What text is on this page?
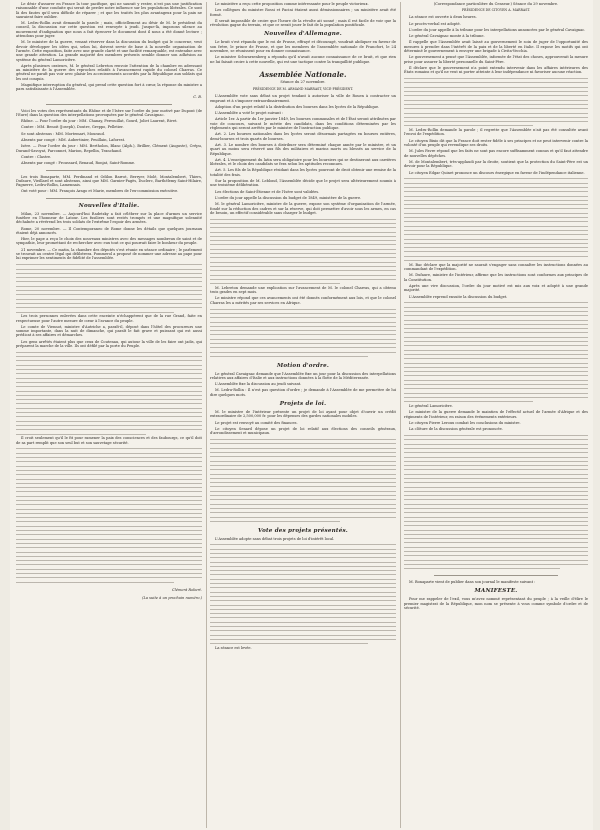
Le désir d'assurer en France la tour pacifique, qui ne saurait y rester, n'est pas une justification raisonnable d'une conduite qui serait de perdre notre influence sur les populations libérales. Ce sont là des fautes qu'il sera difficile de réparer ; et que les traités les plus avantageux pour la paix ne sauraient faire oublier.

M. Ledru-Rollin avait demandé la parole ; mais, officiellement au désir de M. le président du conseil, la discussion sur cette question est renvoyée à jeudi. Jusque-là, imposons silence au mouvement d'indignation que nous a fait éprouver le document dont il nous a été donné lecture ; attendons pour juger.

M. le ministre de la guerre, venant réserver dans la discussion du budget qui le concerne, veut devoir développer les idées qui, selon lui, doivent servir de base à la nouvelle organisation de l'armée. Cette exposition, faite avec une grande clarté et une facilité remarquable, est entendue avec une grande attention. La grande majorité des membres présents semble donner son adhésion au système du général Lamoricière.

Après plusieurs orateurs, M. le général Lebreton renvoie l'attention de la chambre en adressant au ministère de la guerre des reproches relatifs à l'avancement rapide du colonel Charras. Ce général ne paraît pas voir avec plaisir les accroissements accordés par la République aux soldats qui les ont conquis.

Magnifique interruption du général, qui prend cette question fort à cœur, la réponse du ministre a paru satisfaisante à l'Assemblée.

C. B.

Voici les votes des représentants du Rhône et de l'Isère sur l'ordre du jour motivé par Dupont (de l'Eure) dans la question des interpellations provoquées par le général Cavaignac.

Rhône. — Pour l'ordre du jour : MM. Chanay, Ferrouillat, Gourd, Joliet Laurent, Rivet.

Contre : MM. Benoit (Joseph), Doutre, Greppo, Pelletier.

Se sont abstenus : MM. Mortemart, Mouraud.

Absents par congé : MM. Aubertinier, Peuillain, Laforest.

Isère. — Pour l'ordre du jour : MM. Bertholon, Blanc (Alph.), Brillier, Clément (Auguste), Crépu, Durand-Savoyat, Farconnet, Marion, Repellin, Tranchand.

Contre : Clastre.

Absents par congé : Froussard, Renaud, Ronjat, Saint-Romme.

Les trois Bonaparte, MM. Ferdinand et Odilon Barrot, Berryer, Molé, Montalembert, Thiers, Dufaure, Vieillard et sont abstenus, ainsi que MM. Garnier-Pagès, Duclerc, Barthélemy Saint-Hilaire, Pagnerre, Ledru-Rollin, Lamennais.

Ont voté pour : MM. François Arago et Marie, membres de l'ex-commission exécutive.

Nouvelles d'Italie.

Milan, 23 novembre. — Aujourd'hui Radetzky a fait célébrer sur la place d'armes un service funèbre en l'honneur de Latour. Les fusiliers sont restés trompés et une magnifique solennité déchaînée a révérend les trois soldats de l'extrême l'espoir des armées.

Rome, 20 novembre. — Il Contemporaneo de Rome donne les détails que quelques journaux étaient déjà annoncés.

Hier, le pape a reçu le choix des nouveaux ministres avec des messages nombreux de saint et de sympathie, leur promettant de rechercher avec eux tout ce qui pourrait faire le bonheur du peuple.

21 novembre. — Ce matin, la chambre des députés s'est réunie en séance ordinaire ; le parlement se trouvait au centre légal qui délibérera. Pommerol a proposé de nommer une adresse au pape pour lui exprimer les sentiments de fidélité de l'assemblée.

Les trois personnes enlevées dans cette enceinte n'échappèrent que de la rue Grand, faite en respectueuse pour l'autre mesure de cœur à l'avance du peuple.

Le comte de Viennot, ministre d'Autriche a, paraît-il, déposé dans l'hôtel des procureurs une somme importante, dans la nuit de dimanche, qui paraît le fait grave et puissant qui est aussi prédicat à ses affaires et démarches.

Les gens arrêtés étaient plus que ceux de Coutenau, qui autour la ville de les faire ont jadis, qui préparent la marche de la ville. Ils ont défilé par la porte du Peuple.

Il croit seulement qu'il le fit pour ramener la paix des consciences et des faubourgs, ce qu'il doit de sa part remplit que son seul but et son sauvetage sécurité.

Clément Robert.

(La suite à un prochain numéro.)

Le ministère a reçu cette proposition comme intéressante pour le peuple victorieux.

Les collègues du ministre Rossi et Pacini étaient aussi démissionnaires ; un ministère avait été formé.

Il serait impossible de croire que l'heure de la révolte ait sonné ; mais il est facile de voir que la révolution gagne du terrain, et que ce serait jouer le fait de la population pontificale.

Nouvelles d'Allemagne.

Le bruit s'est répandu que le roi de Prusse, effrayé et découragé, voudrait abdiquer en faveur de son frère, le prince de Prusse, et que les membres de l'assemblée nationale de Francfort, le 24 novembre, se réunissent pour en donner connaissance.

Le ministre Schwarzenberg a répondu qu'il n'avait aucune connaissance de ce bruit, et que rien ne lui faisait croire à cette nouvelle, qui est une tactique contre la tranquillité publique.

Assemblée Nationale.
Séance du 27 novembre.
PRÉSIDENCE DE M. ARMAND MARRAST, VICE-PRÉSIDENT.

L'Assemblée vote sans débat un projet tendant à autoriser la ville de Rouen à contracter un emprunt et à s'imposer extraordinairement.

Adoption d'un projet relatif à la distribution des bourses dans les lycées de la République.

L'Assemblée a voté le projet suivant :

Article 1er. A partir du 1er janvier 1849, les bourses communales et de l'État seront attribuées par voie de concours, suivant le mérite des candidats, dans les conditions déterminées par les règlements qui seront arrêtés par le ministre de l'instruction publique.

Art. 2. Les bourses nationales dans les lycées seront désormais partagées en bourses entières, demi-bourses et trois quarts de bourses.

Art. 3. Le nombre des bourses à distribuer sera déterminé chaque année par le ministre, et un quart au moins sera réservé aux fils des militaires et marins morts ou blessés au service de la République.

Art. 4. L'enseignement du latin sera obligatoire pour les boursiers qui se destineront aux carrières libérales, et le choix des candidats se fera selon les aptitudes reconnues.

Art. 5. Les fils de la République résidant dans les lycées pourront de droit obtenir une remise de la totalité des frais.

Sur la proposition de M. Leblond, l'Assemblée décide que le projet sera ultérieurement soumis à une troisième délibération.

Les élections de Saint-Étienne et de l'Isère sont validées.

L'ordre du jour appelle la discussion du budget de 1849, ministère de la guerre.

M. le général Lamoricière, ministre de la guerre, expose son système d'organisation de l'armée, fondé sur la réduction des cadres et sur la réserve, qui doit permettre d'avoir sous les armes, en cas de besoin, un effectif considérable sans charger le budget.

M. Lebreton demande une explication sur l'avancement de M. le colonel Charras, qui a obtenu trois grades en sept mois.

Le ministre répond que ces avancements ont été donnés conformément aux lois, et que le colonel Charras les a mérités par ses services en Afrique.

Motion d'ordre.

Le général Cavaignac demande que l'Assemblée fixe un jour pour la discussion des interpellations relatives aux affaires d'Italie et aux instructions données à la flotte de la Méditerranée.

L'Assemblée fixe la discussion au jeudi suivant.

M. Ledru-Rollin : Il n'est pas question d'ordre ; je demande à l'Assemblée de me permettre de lui dire quelques mots.

Projets de loi.

M. le ministre de l'intérieur présente un projet de loi ayant pour objet d'ouvrir un crédit extraordinaire de 2,500,000 fr. pour les dépenses des gardes nationales mobiles.

Le projet est renvoyé au comité des finances.

Le citoyen Senard dépose un projet de loi relatif aux élections des conseils généraux, d'arrondissement et municipaux.

Vote des projets présentés.

L'Assemblée adopte sans débat trois projets de loi d'intérêt local.

La séance est levée.

(Correspondance particulière du Censeur.) Séance du 29 novembre.

PRÉSIDENCE DE CITOYEN A. MARRAST.

La séance est ouverte à deux heures.

Le procès-verbal est adopté.

L'ordre du jour appelle à la tribune pour les interpellations annoncées par le général Cavaignac.

Le général Cavaignac monte à la tribune.

Il rappelle que l'Assemblée avait laissé au gouvernement le soin de juger de l'opportunité des mesures à prendre dans l'intérêt de la paix et de la liberté en Italie. Il expose les motifs qui ont déterminé le gouvernement à envoyer une brigade à Civita-Vecchia.

Le gouvernement a pensé que l'Assemblée, informée de l'état des choses, approuverait la mesure prise pour assurer la liberté personnelle du Saint-Père.

Il déclare que le gouvernement n'a point entendu intervenir dans les affaires intérieures des États romains et qu'il ne veut ni porter atteinte à leur indépendance ni favoriser aucune réaction.

M. Ledru-Rollin demande la parole ; il regrette que l'Assemblée n'ait pas été consultée avant l'envoi de l'expédition.

Le citoyen Bixio dit que la France doit rester fidèle à ses principes et ne peut intervenir contre la volonté d'un peuple qui revendique ses droits.

M. Jules Favre répond que les faits ne sont pas encore suffisamment connus et qu'il faut attendre de nouvelles dépêches.

M. de Montalembert, très-applaudi par la droite, soutient que la protection du Saint-Père est un devoir pour la République.

Le citoyen Edgar Quinet prononce un discours énergique en faveur de l'indépendance italienne.

M. Bac déclare que la majorité ne saurait s'engager sans connaître les instructions données au commandant de l'expédition.

M. Dufaure, ministre de l'intérieur, affirme que les instructions sont conformes aux principes de la Constitution.

Après une vive discussion, l'ordre du jour motivé est mis aux voix et adopté à une grande majorité.

L'Assemblée reprend ensuite la discussion du budget.

Le général Lamoricière.

Le ministre de la guerre demande le maintien de l'effectif actuel de l'armée d'Afrique et des régiments de l'intérieur, en raison des événements extérieurs.

Le citoyen Pierre Leroux combat les conclusions du ministre.

La clôture de la discussion générale est prononcée.

M. Bonaparte vient de publier dans son journal le manifeste suivant :

MANIFESTE.

Pour me rappeler de l'exil, vous m'avez nommé représentant du peuple ; à la veille d'élire le premier magistrat de la République, mon nom se présente à vous comme symbole d'ordre et de sécurité.
